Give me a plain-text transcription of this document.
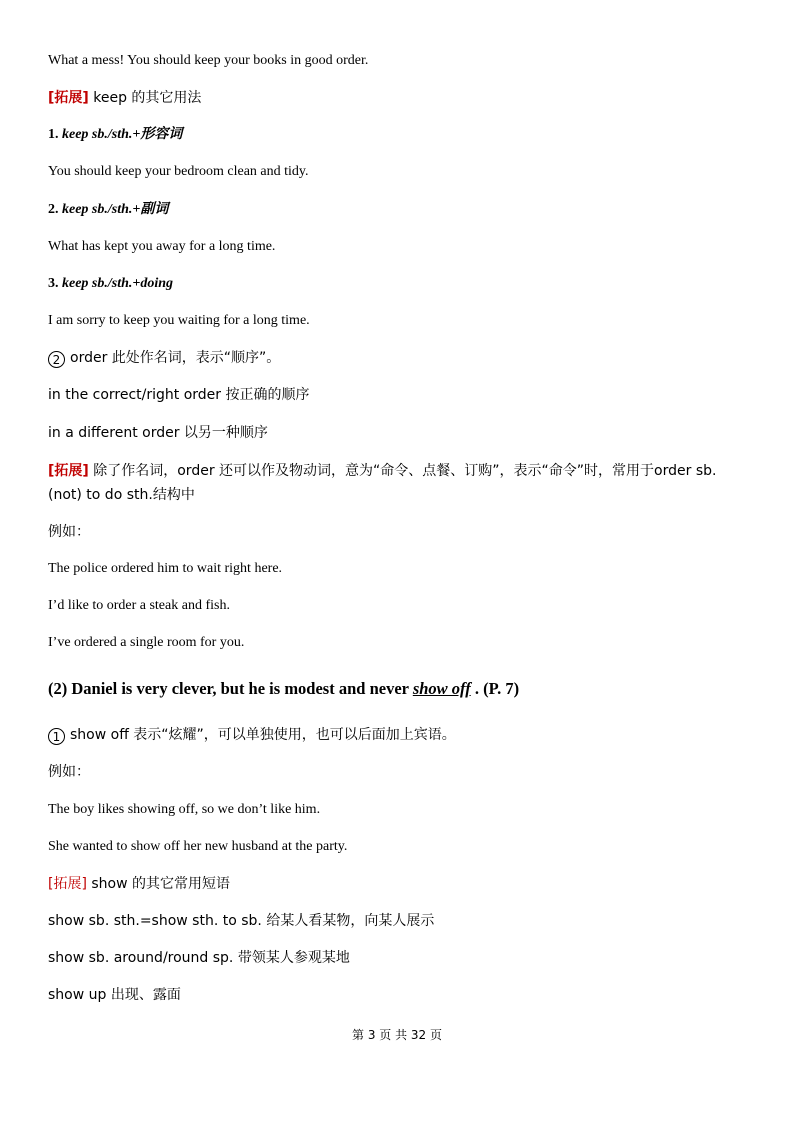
What a mess! You should keep your books in good order.
[拓展] keep 的其它用法
1. keep sb./sth.+形容词
You should keep your bedroom clean and tidy.
2. keep sb./sth.+副词
What has kept you away for a long time.
3. keep sb./sth.+doing
I am sorry to keep you waiting for a long time.
2 order 此处作名词，表示“顺序”。
in the correct/right order 按正确的顺序
in a different order 以另一种顺序
[拓展] 除了作名词，order 还可以作及物动词，意为“命令、点餐、订购”，表示“命令”时，常用于order sb. (not) to do sth.结构中
例如：
The police ordered him to wait right here.
I’d like to order a steak and fish.
I’ve ordered a single room for you.
(2) Daniel is very clever, but he is modest and never show off . (P. 7)
1 show off 表示“炫耀”，可以单独使用，也可以后面加上宾语。
例如：
The boy likes showing off, so we don’t like him.
She wanted to show off her new husband at the party.
[拓展] show 的其它常用短语
show sb. sth.=show sth. to sb. 给某人看某物，向某人展示
show sb. around/round sp. 带领某人参观某地
show up 出现、露面
第 3 页 共 32 页
